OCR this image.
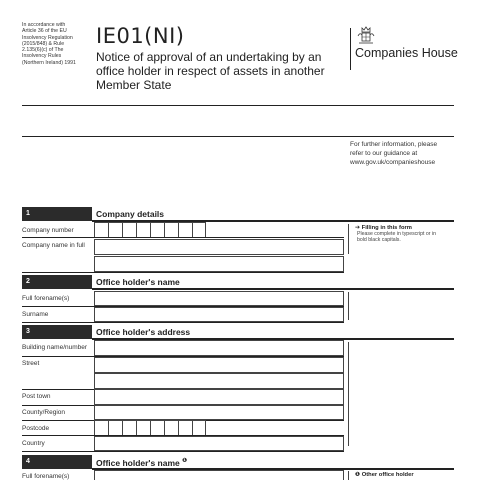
In accordance with
Article 36 of the EU
Insolvency Regulation
(2015/848) & Rule
2.135(6)(c) of The
Insolvency Rules
(Northern Ireland) 1991
IE01(NI)
Notice of approval of an undertaking by an office holder in respect of assets in another Member State
Companies House
For further information, please
refer to our guidance at
www.gov.uk/companieshouse
1	Company details
Company number
Company name in full
➔ Filling in this form
Please complete in typescript or in
bold black capitals.
2	Office holder's name
Full forename(s)
Surname
3	Office holder's address
Building name/number
Street
Post town
County/Region
Postcode
Country
4	Office holder's name $^❶$
Full forename(s)	❶ Other office holder
